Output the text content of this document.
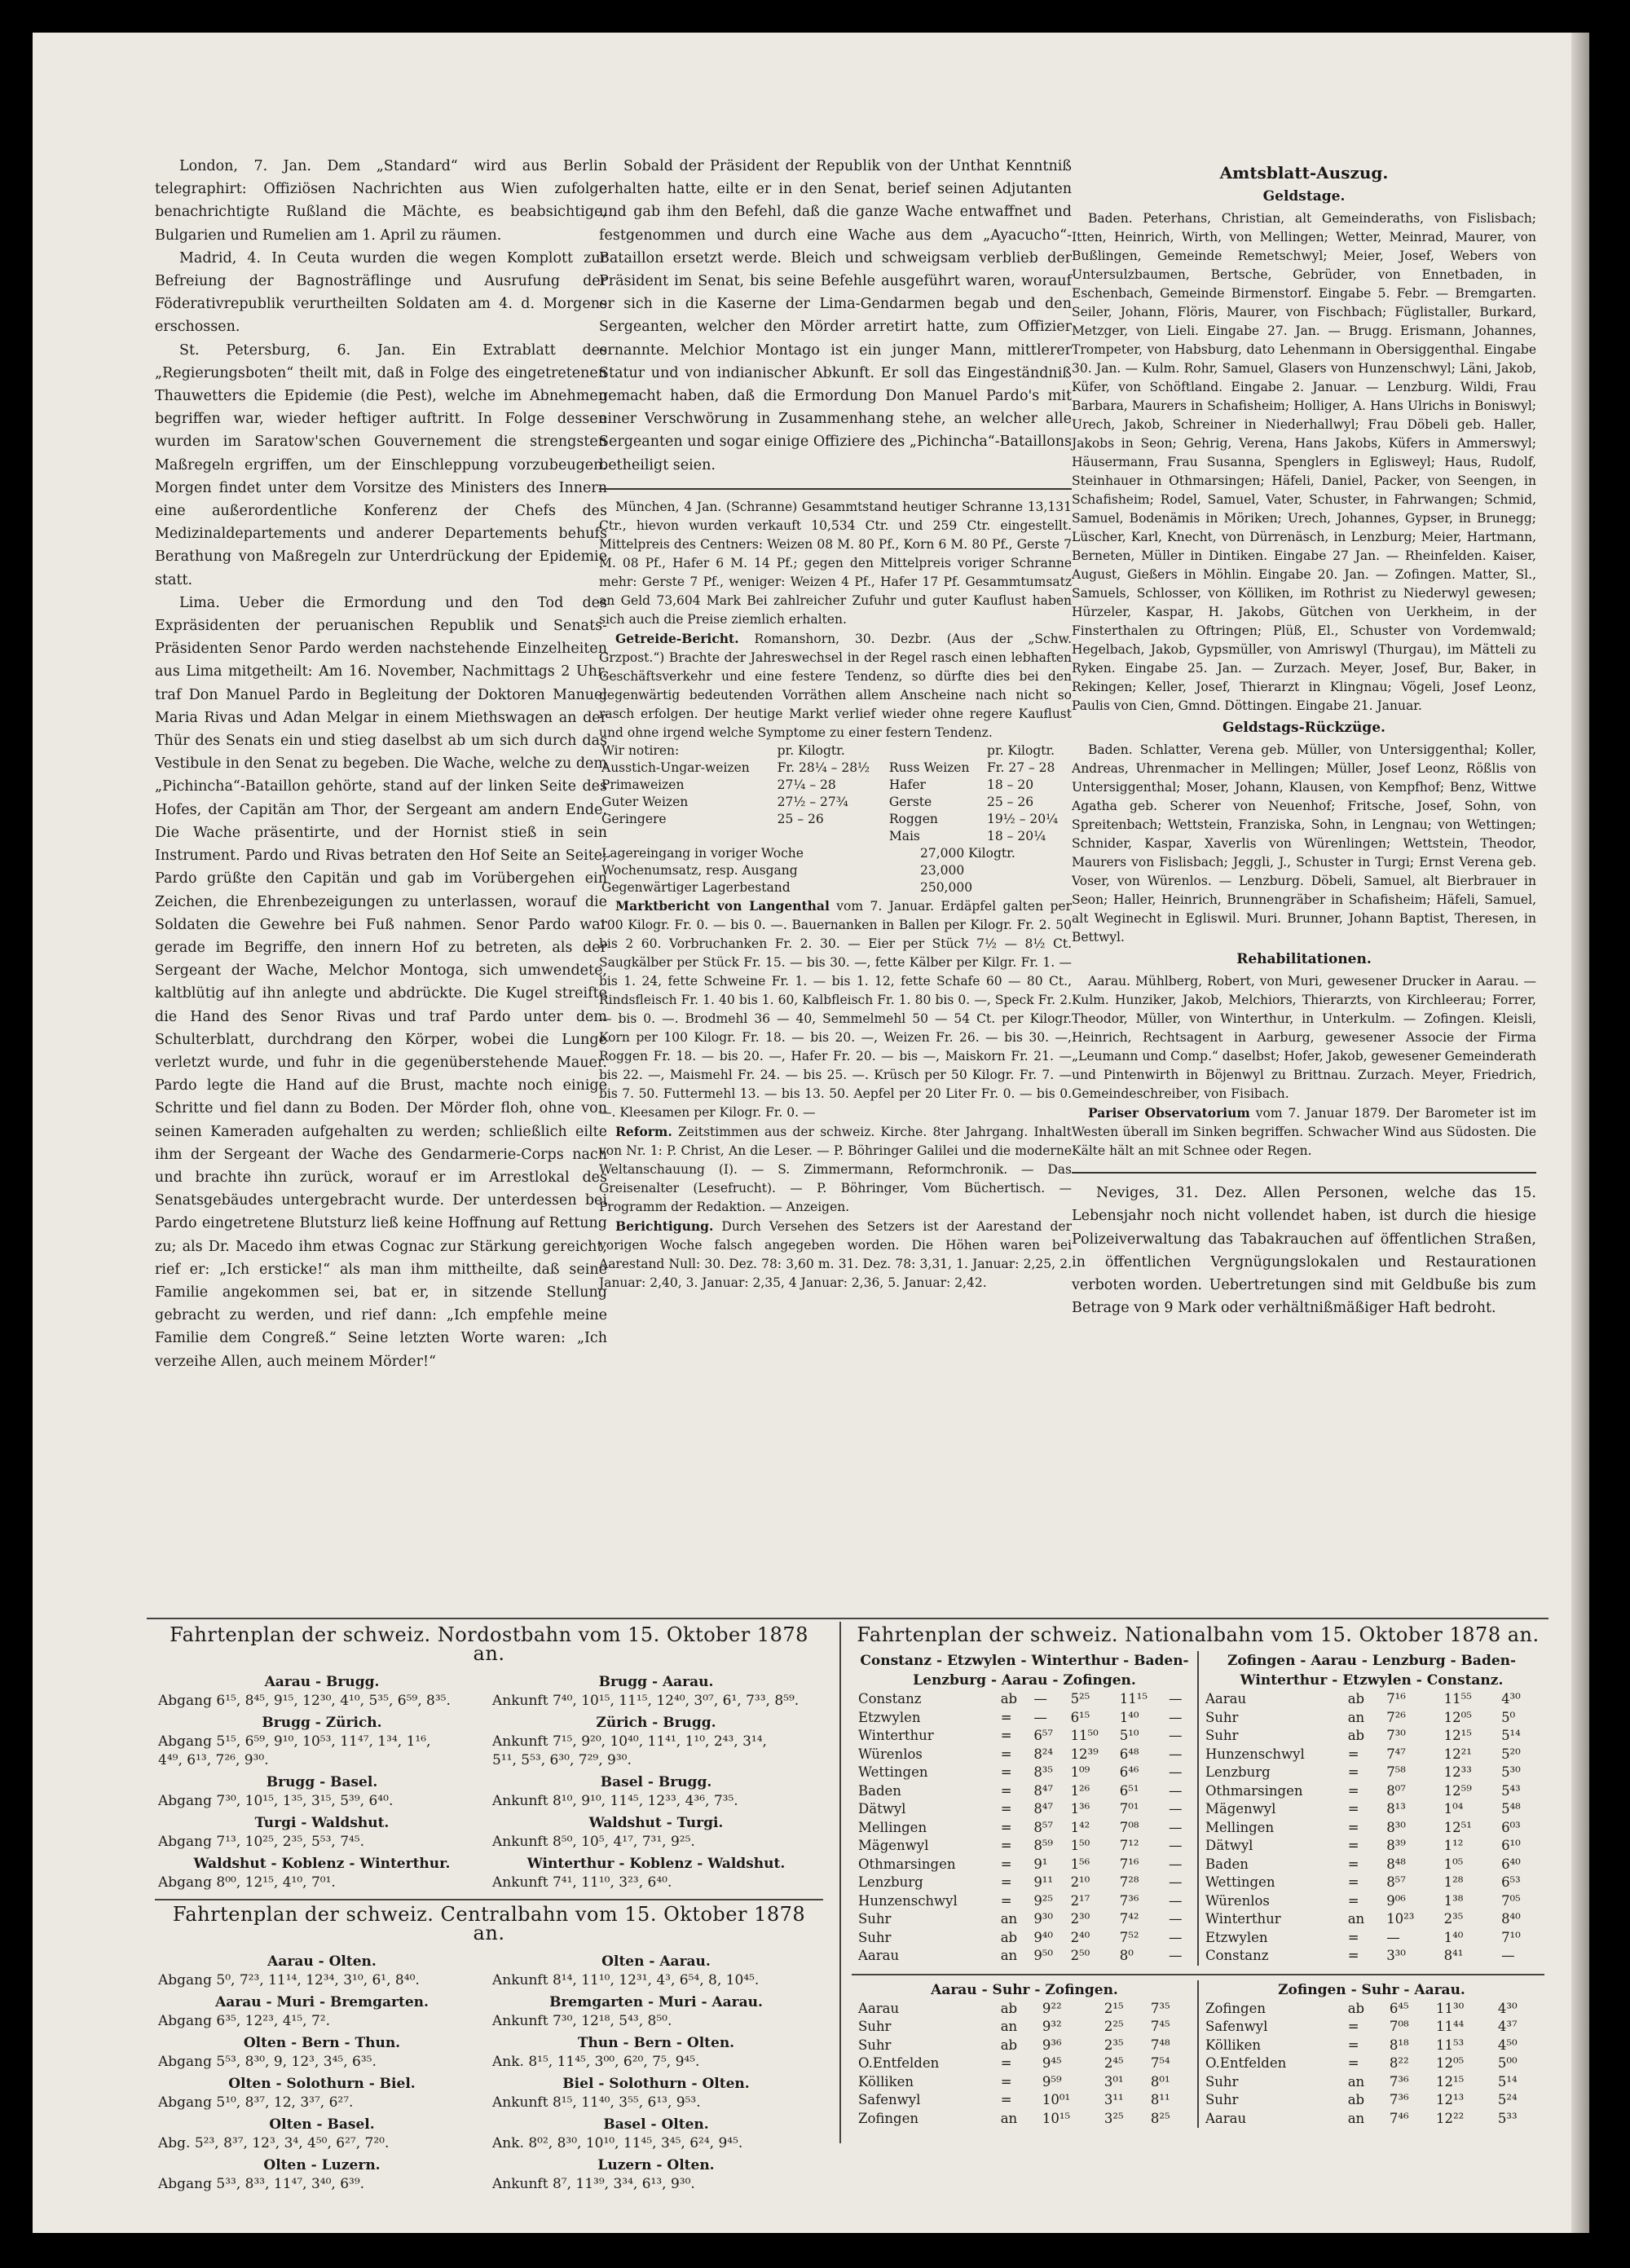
London, 7. Jan. Dem „Standard“ wird aus Berlin telegraphirt: Offiziösen Nachrichten aus Wien zufolge benachrichtigte Rußland die Mächte, es beabsichtige, Bulgarien und Rumelien am 1. April zu räumen.

Madrid, 4. In Ceuta wurden die wegen Komplott zur Befreiung der Bagnosträflinge und Ausrufung der Föderativrepublik verurtheilten Soldaten am 4. d. Morgens erschossen.

St. Petersburg, 6. Jan. Ein Extrablatt des „Regierungsboten“ theilt mit, daß in Folge des eingetretenen Thauwetters die Epidemie (die Pest), welche im Abnehmen begriffen war, wieder heftiger auftritt. In Folge dessen wurden im Saratow'schen Gouvernement die strengsten Maßregeln ergriffen, um der Einschleppung vorzubeugen. Morgen findet unter dem Vorsitze des Ministers des Innern eine außerordentliche Konferenz der Chefs des Medizinaldepartements und anderer Departements behufs Berathung von Maßregeln zur Unterdrückung der Epidemie statt.

Lima. Ueber die Ermordung und den Tod des Expräsidenten der peruanischen Republik und Senats-Präsidenten Senor Pardo werden nachstehende Einzelheiten aus Lima mitgetheilt: Am 16. November, Nachmittags 2 Uhr, traf Don Manuel Pardo in Begleitung der Doktoren Manuel Maria Rivas und Adan Melgar in einem Miethswagen an der Thür des Senats ein und stieg daselbst ab um sich durch das Vestibule in den Senat zu begeben. Die Wache, welche zu dem „Pichincha“-Bataillon gehörte, stand auf der linken Seite des Hofes, der Capitän am Thor, der Sergeant am andern Ende. Die Wache präsentirte, und der Hornist stieß in sein Instrument. Pardo und Rivas betraten den Hof Seite an Seite; Pardo grüßte den Capitän und gab im Vorübergehen ein Zeichen, die Ehrenbezeigungen zu unterlassen, worauf die Soldaten die Gewehre bei Fuß nahmen. Senor Pardo war gerade im Begriffe, den innern Hof zu betreten, als der Sergeant der Wache, Melchor Montoga, sich umwendete, kaltblütig auf ihn anlegte und abdrückte. Die Kugel streifte die Hand des Senor Rivas und traf Pardo unter dem Schulterblatt, durchdrang den Körper, wobei die Lunge verletzt wurde, und fuhr in die gegenüberstehende Mauer. Pardo legte die Hand auf die Brust, machte noch einige Schritte und fiel dann zu Boden. Der Mörder floh, ohne von seinen Kameraden aufgehalten zu werden; schließlich eilte ihm der Sergeant der Wache des Gendarmerie-Corps nach und brachte ihn zurück, worauf er im Arrestlokal des Senatsgebäudes untergebracht wurde. Der unterdessen bei Pardo eingetretene Blutsturz ließ keine Hoffnung auf Rettung zu; als Dr. Macedo ihm etwas Cognac zur Stärkung gereicht, rief er: „Ich ersticke!“ als man ihm mittheilte, daß seine Familie angekommen sei, bat er, in sitzende Stellung gebracht zu werden, und rief dann: „Ich empfehle meine Familie dem Congreß.“ Seine letzten Worte waren: „Ich verzeihe Allen, auch meinem Mörder!“

Sobald der Präsident der Republik von der Unthat Kenntniß erhalten hatte, eilte er in den Senat, berief seinen Adjutanten und gab ihm den Befehl, daß die ganze Wache entwaffnet und festgenommen und durch eine Wache aus dem „Ayacucho“-Bataillon ersetzt werde. Bleich und schweigsam verblieb der Präsident im Senat, bis seine Befehle ausgeführt waren, worauf er sich in die Kaserne der Lima-Gendarmen begab und den Sergeanten, welcher den Mörder arretirt hatte, zum Offizier ernannte. Melchior Montago ist ein junger Mann, mittlerer Statur und von indianischer Abkunft. Er soll das Eingeständniß gemacht haben, daß die Ermordung Don Manuel Pardo's mit einer Verschwörung in Zusammenhang stehe, an welcher alle Sergeanten und sogar einige Offiziere des „Pichincha“-Bataillons betheiligt seien.

München, 4 Jan. (Schranne) Gesammtstand heutiger Schranne 13,131 Ctr., hievon wurden verkauft 10,534 Ctr. und 259 Ctr. eingestellt. Mittelpreis des Centners: Weizen 08 M. 80 Pf., Korn 6 M. 80 Pf., Gerste 7 M. 08 Pf., Hafer 6 M. 14 Pf.; gegen den Mittelpreis voriger Schranne mehr: Gerste 7 Pf., weniger: Weizen 4 Pf., Hafer 17 Pf. Gesammtumsatz an Geld 73,604 Mark Bei zahlreicher Zufuhr und guter Kauflust haben sich auch die Preise ziemlich erhalten.

Getreide-Bericht. Romanshorn, 30. Dezbr. (Aus der „Schw. Grzpost.“) Brachte der Jahreswechsel in der Regel rasch einen lebhaften Geschäftsverkehr und eine festere Tendenz, so dürfte dies bei den gegenwärtig bedeutenden Vorräthen allem Anscheine nach nicht so rasch erfolgen. Der heutige Markt verlief wieder ohne regere Kauflust und ohne irgend welche Symptome zu einer festern Tendenz.

Wir notiren:	pr. Kilogtr.		pr. Kilogtr.
Ausstich-Ungar-weizen	Fr. 28¼ – 28½	Russ Weizen	Fr. 27 – 28
Primaweizen	27¼ – 28	Hafer	18 – 20
Guter Weizen	27½ – 27¾	Gerste	25 – 26
Geringere	25 – 26	Roggen	19½ – 20¼
		Mais	18 – 20¼
Lagereingang in voriger Woche	27,000 Kilogtr.
Wochenumsatz, resp. Ausgang	23,000
Gegenwärtiger Lagerbestand	250,000

Marktbericht von Langenthal vom 7. Januar. Erdäpfel galten per 100 Kilogr. Fr. 0. — bis 0. —. Bauernanken in Ballen per Kilogr. Fr. 2. 50 bis 2 60. Vorbruchanken Fr. 2. 30. — Eier per Stück 7½ — 8½ Ct. Saugkälber per Stück Fr. 15. — bis 30. —, fette Kälber per Kilgr. Fr. 1. — bis 1. 24, fette Schweine Fr. 1. — bis 1. 12, fette Schafe 60 — 80 Ct., Rindsfleisch Fr. 1. 40 bis 1. 60, Kalbfleisch Fr. 1. 80 bis 0. —, Speck Fr. 2. — bis 0. —. Brodmehl 36 — 40, Semmelmehl 50 — 54 Ct. per Kilogr. Korn per 100 Kilogr. Fr. 18. — bis 20. —, Weizen Fr. 26. — bis 30. —, Roggen Fr. 18. — bis 20. —, Hafer Fr. 20. — bis —, Maiskorn Fr. 21. — bis 22. —, Maismehl Fr. 24. — bis 25. —. Krüsch per 50 Kilogr. Fr. 7. — bis 7. 50. Futtermehl 13. — bis 13. 50. Aepfel per 20 Liter Fr. 0. — bis 0. —. Kleesamen per Kilogr. Fr. 0. —

Reform. Zeitstimmen aus der schweiz. Kirche. 8ter Jahrgang. Inhalt von Nr. 1: P. Christ, An die Leser. — P. Böhringer Galilei und die moderne Weltanschauung (I). — S. Zimmermann, Reformchronik. — Das Greisenalter (Lesefrucht). — P. Böhringer, Vom Büchertisch. — Programm der Redaktion. — Anzeigen.

Berichtigung. Durch Versehen des Setzers ist der Aarestand der vorigen Woche falsch angegeben worden. Die Höhen waren bei Aarestand Null: 30. Dez. 78: 3,60 m. 31. Dez. 78: 3,31, 1. Januar: 2,25, 2. Januar: 2,40, 3. Januar: 2,35, 4 Januar: 2,36, 5. Januar: 2,42.

Amtsblatt-Auszug.
Geldstage.

Baden. Peterhans, Christian, alt Gemeinderaths, von Fislisbach; Itten, Heinrich, Wirth, von Mellingen; Wetter, Meinrad, Maurer, von Bußlingen, Gemeinde Remetschwyl; Meier, Josef, Webers von Untersulzbaumen, Bertsche, Gebrüder, von Ennetbaden, in Eschenbach, Gemeinde Birmenstorf. Eingabe 5. Febr. — Bremgarten. Seiler, Johann, Flöris, Maurer, von Fischbach; Füglistaller, Burkard, Metzger, von Lieli. Eingabe 27. Jan. — Brugg. Erismann, Johannes, Trompeter, von Habsburg, dato Lehenmann in Obersiggenthal. Eingabe 30. Jan. — Kulm. Rohr, Samuel, Glasers von Hunzenschwyl; Läni, Jakob, Küfer, von Schöftland. Eingabe 2. Januar. — Lenzburg. Wildi, Frau Barbara, Maurers in Schafisheim; Holliger, A. Hans Ulrichs in Boniswyl; Urech, Jakob, Schreiner in Niederhallwyl; Frau Döbeli geb. Haller, Jakobs in Seon; Gehrig, Verena, Hans Jakobs, Küfers in Ammerswyl; Häusermann, Frau Susanna, Spenglers in Eglisweyl; Haus, Rudolf, Steinhauer in Othmarsingen; Häfeli, Daniel, Packer, von Seengen, in Schafisheim; Rodel, Samuel, Vater, Schuster, in Fahrwangen; Schmid, Samuel, Bodenämis in Möriken; Urech, Johannes, Gypser, in Brunegg; Lüscher, Karl, Knecht, von Dürrenäsch, in Lenzburg; Meier, Hartmann, Berneten, Müller in Dintiken. Eingabe 27 Jan. — Rheinfelden. Kaiser, August, Gießers in Möhlin. Eingabe 20. Jan. — Zofingen. Matter, Sl., Samuels, Schlosser, von Kölliken, im Rothrist zu Niederwyl gewesen; Hürzeler, Kaspar, H. Jakobs, Gütchen von Uerkheim, in der Finsterthalen zu Oftringen; Plüß, El., Schuster von Vordemwald; Hegelbach, Jakob, Gypsmüller, von Amriswyl (Thurgau), im Mätteli zu Ryken. Eingabe 25. Jan. — Zurzach. Meyer, Josef, Bur, Baker, in Rekingen; Keller, Josef, Thierarzt in Klingnau; Vögeli, Josef Leonz, Paulis von Cien, Gmnd. Döttingen. Eingabe 21. Januar.

Geldstags-Rückzüge.

Baden. Schlatter, Verena geb. Müller, von Untersiggenthal; Koller, Andreas, Uhrenmacher in Mellingen; Müller, Josef Leonz, Rößlis von Untersiggenthal; Moser, Johann, Klausen, von Kempfhof; Benz, Wittwe Agatha geb. Scherer von Neuenhof; Fritsche, Josef, Sohn, von Spreitenbach; Wettstein, Franziska, Sohn, in Lengnau; von Wettingen; Schnider, Kaspar, Xaverlis von Würenlingen; Wettstein, Theodor, Maurers von Fislisbach; Jeggli, J., Schuster in Turgi; Ernst Verena geb. Voser, von Würenlos. — Lenzburg. Döbeli, Samuel, alt Bierbrauer in Seon; Haller, Heinrich, Brunnengräber in Schafisheim; Häfeli, Samuel, alt Weginecht in Egliswil. Muri. Brunner, Johann Baptist, Theresen, in Bettwyl.

Rehabilitationen.

Aarau. Mühlberg, Robert, von Muri, gewesener Drucker in Aarau. — Kulm. Hunziker, Jakob, Melchiors, Thierarzts, von Kirchleerau; Forrer, Theodor, Müller, von Winterthur, in Unterkulm. — Zofingen. Kleisli, Heinrich, Rechtsagent in Aarburg, gewesener Associe der Firma „Leumann und Comp.“ daselbst; Hofer, Jakob, gewesener Gemeinderath und Pintenwirth in Böjenwyl zu Brittnau. Zurzach. Meyer, Friedrich, Gemeindeschreiber, von Fisibach.

Pariser Observatorium vom 7. Januar 1879. Der Barometer ist im Westen überall im Sinken begriffen. Schwacher Wind aus Südosten. Die Kälte hält an mit Schnee oder Regen.

Neviges, 31. Dez. Allen Personen, welche das 15. Lebensjahr noch nicht vollendet haben, ist durch die hiesige Polizeiverwaltung das Tabakrauchen auf öffentlichen Straßen, in öffentlichen Vergnügungslokalen und Restaurationen verboten worden. Uebertretungen sind mit Geldbuße bis zum Betrage von 9 Mark oder verhältnißmäßiger Haft bedroht.

Fahrtenplan der schweiz. Nordostbahn vom 15. Oktober 1878 an.
Aarau - Brugg.
Abgang 6¹⁵, 8⁴⁵, 9¹⁵, 12³⁰, 4¹⁰, 5³⁵, 6⁵⁹, 8³⁵.
Brugg - Aarau.
Ankunft 7⁴⁰, 10¹⁵, 11¹⁵, 12⁴⁰, 3⁰⁷, 6¹, 7³³, 8⁵⁹.
Brugg - Zürich.
Abgang 5¹⁵, 6⁵⁹, 9¹⁰, 10⁵³, 11⁴⁷, 1³⁴, 1¹⁶,
4⁴⁹, 6¹³, 7²⁶, 9³⁰.
Zürich - Brugg.
Ankunft 7¹⁵, 9²⁰, 10⁴⁰, 11⁴¹, 1¹⁰, 2⁴³, 3¹⁴,
5¹¹, 5⁵³, 6³⁰, 7²⁹, 9³⁰.
Brugg - Basel.
Abgang 7³⁰, 10¹⁵, 1³⁵, 3¹⁵, 5³⁹, 6⁴⁰.
Basel - Brugg.
Ankunft 8¹⁰, 9¹⁰, 11⁴⁵, 12³³, 4³⁶, 7³⁵.
Turgi - Waldshut.
Abgang 7¹³, 10²⁵, 2³⁵, 5⁵³, 7⁴⁵.
Waldshut - Turgi.
Ankunft 8⁵⁰, 10⁵, 4¹⁷, 7³¹, 9²⁵.
Waldshut - Koblenz - Winterthur.
Abgang 8⁰⁰, 12¹⁵, 4¹⁰, 7⁰¹.
Winterthur - Koblenz - Waldshut.
Ankunft 7⁴¹, 11¹⁰, 3²³, 6⁴⁰.
Fahrtenplan der schweiz. Centralbahn vom 15. Oktober 1878 an.
Aarau - Olten.
Abgang 5⁰, 7²³, 11¹⁴, 12³⁴, 3¹⁰, 6¹, 8⁴⁰.
Olten - Aarau.
Ankunft 8¹⁴, 11¹⁰, 12³¹, 4³, 6⁵⁴, 8, 10⁴⁵.
Aarau - Muri - Bremgarten.
Abgang 6³⁵, 12²³, 4¹⁵, 7².
Bremgarten - Muri - Aarau.
Ankunft 7³⁰, 12¹⁸, 5⁴³, 8⁵⁰.
Olten - Bern - Thun.
Abgang 5⁵³, 8³⁰, 9, 12³, 3⁴⁵, 6³⁵.
Thun - Bern - Olten.
Ank. 8¹⁵, 11⁴⁵, 3⁰⁰, 6²⁰, 7⁵, 9⁴⁵.
Olten - Solothurn - Biel.
Abgang 5¹⁰, 8³⁷, 12, 3³⁷, 6²⁷.
Biel - Solothurn - Olten.
Ankunft 8¹⁵, 11⁴⁰, 3⁵⁵, 6¹³, 9⁵³.
Olten - Basel.
Abg. 5²³, 8³⁷, 12³, 3⁴, 4⁵⁰, 6²⁷, 7²⁰.
Basel - Olten.
Ank. 8⁰², 8³⁰, 10¹⁰, 11⁴⁵, 3⁴⁵, 6²⁴, 9⁴⁵.
Olten - Luzern.
Abgang 5³³, 8³³, 11⁴⁷, 3⁴⁰, 6³⁹.
Luzern - Olten.
Ankunft 8⁷, 11³⁹, 3³⁴, 6¹³, 9³⁰.
Fahrtenplan der schweiz. Nationalbahn vom 15. Oktober 1878 an.
Constanz - Etzwylen - Winterthur - Baden-
Lenzburg - Aarau - Zofingen.
Constanz	ab	—	5²⁵	11¹⁵	—
Etzwylen	=	—	6¹⁵	1⁴⁰	—
Winterthur	=	6⁵⁷	11⁵⁰	5¹⁰	—
Würenlos	=	8²⁴	12³⁹	6⁴⁸	—
Wettingen	=	8³⁵	1⁰⁹	6⁴⁶	—
Baden	=	8⁴⁷	1²⁶	6⁵¹	—
Dätwyl	=	8⁴⁷	1³⁶	7⁰¹	—
Mellingen	=	8⁵⁷	1⁴²	7⁰⁸	—
Mägenwyl	=	8⁵⁹	1⁵⁰	7¹²	—
Othmarsingen	=	9¹	1⁵⁶	7¹⁶	—
Lenzburg	=	9¹¹	2¹⁰	7²⁸	—
Hunzenschwyl	=	9²⁵	2¹⁷	7³⁶	—
Suhr	an	9³⁰	2³⁰	7⁴²	—
Suhr	ab	9⁴⁰	2⁴⁰	7⁵²	—
Aarau	an	9⁵⁰	2⁵⁰	8⁰	—
Zofingen - Aarau - Lenzburg - Baden-
Winterthur - Etzwylen - Constanz.
Aarau	ab	7¹⁶	11⁵⁵	4³⁰
Suhr	an	7²⁶	12⁰⁵	5⁰
Suhr	ab	7³⁰	12¹⁵	5¹⁴
Hunzenschwyl	=	7⁴⁷	12²¹	5²⁰
Lenzburg	=	7⁵⁸	12³³	5³⁰
Othmarsingen	=	8⁰⁷	12⁵⁹	5⁴³
Mägenwyl	=	8¹³	1⁰⁴	5⁴⁸
Mellingen	=	8³⁰	12⁵¹	6⁰³
Dätwyl	=	8³⁹	1¹²	6¹⁰
Baden	=	8⁴⁸	1⁰⁵	6⁴⁰
Wettingen	=	8⁵⁷	1²⁸	6⁵³
Würenlos	=	9⁰⁶	1³⁸	7⁰⁵
Winterthur	an	10²³	2³⁵	8⁴⁰
Etzwylen	=	—	1⁴⁰	7¹⁰
Constanz	=	3³⁰	8⁴¹	—
Aarau - Suhr - Zofingen.
Aarau	ab	9²²	2¹⁵	7³⁵
Suhr	an	9³²	2²⁵	7⁴⁵
Suhr	ab	9³⁶	2³⁵	7⁴⁸
O.Entfelden	=	9⁴⁵	2⁴⁵	7⁵⁴
Kölliken	=	9⁵⁹	3⁰¹	8⁰¹
Safenwyl	=	10⁰¹	3¹¹	8¹¹
Zofingen	an	10¹⁵	3²⁵	8²⁵
Zofingen - Suhr - Aarau.
Zofingen	ab	6⁴⁵	11³⁰	4³⁰
Safenwyl	=	7⁰⁸	11⁴⁴	4³⁷
Kölliken	=	8¹⁸	11⁵³	4⁵⁰
O.Entfelden	=	8²²	12⁰⁵	5⁰⁰
Suhr	an	7³⁶	12¹⁵	5¹⁴
Suhr	ab	7³⁶	12¹³	5²⁴
Aarau	an	7⁴⁶	12²²	5³³
